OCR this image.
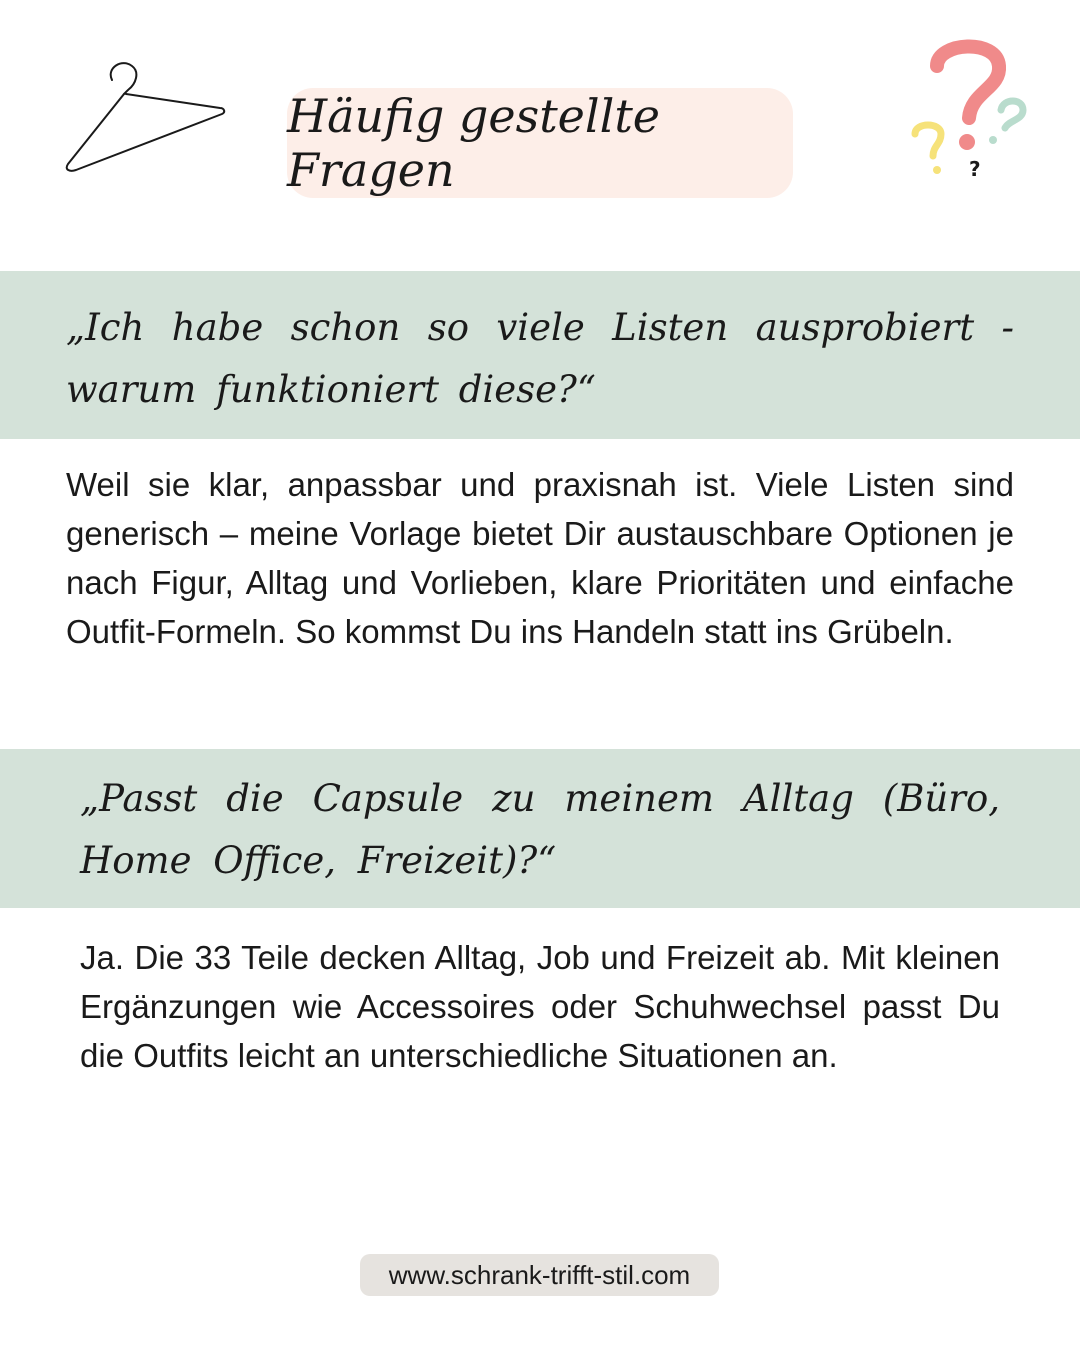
?
Häufig gestellte Fragen

„Ich habe schon so viele Listen ausprobiert - warum funktioniert diese?“

Weil sie klar, anpassbar und praxisnah ist. Viele Listen sind generisch – meine Vorlage bietet Dir austauschbare Optionen je nach Figur, Alltag und Vorlieben, klare Prioritäten und einfache Outfit-Formeln. So kommst Du ins Handeln statt ins Grübeln.

„Passt die Capsule zu meinem Alltag (Büro, Home Office, Freizeit)?“

Ja. Die 33 Teile decken Alltag, Job und Freizeit ab. Mit kleinen Ergänzungen wie Accessoires oder Schuhwechsel passt Du die Outfits leicht an unterschiedliche Situationen an.

www.schrank-trifft-stil.com
